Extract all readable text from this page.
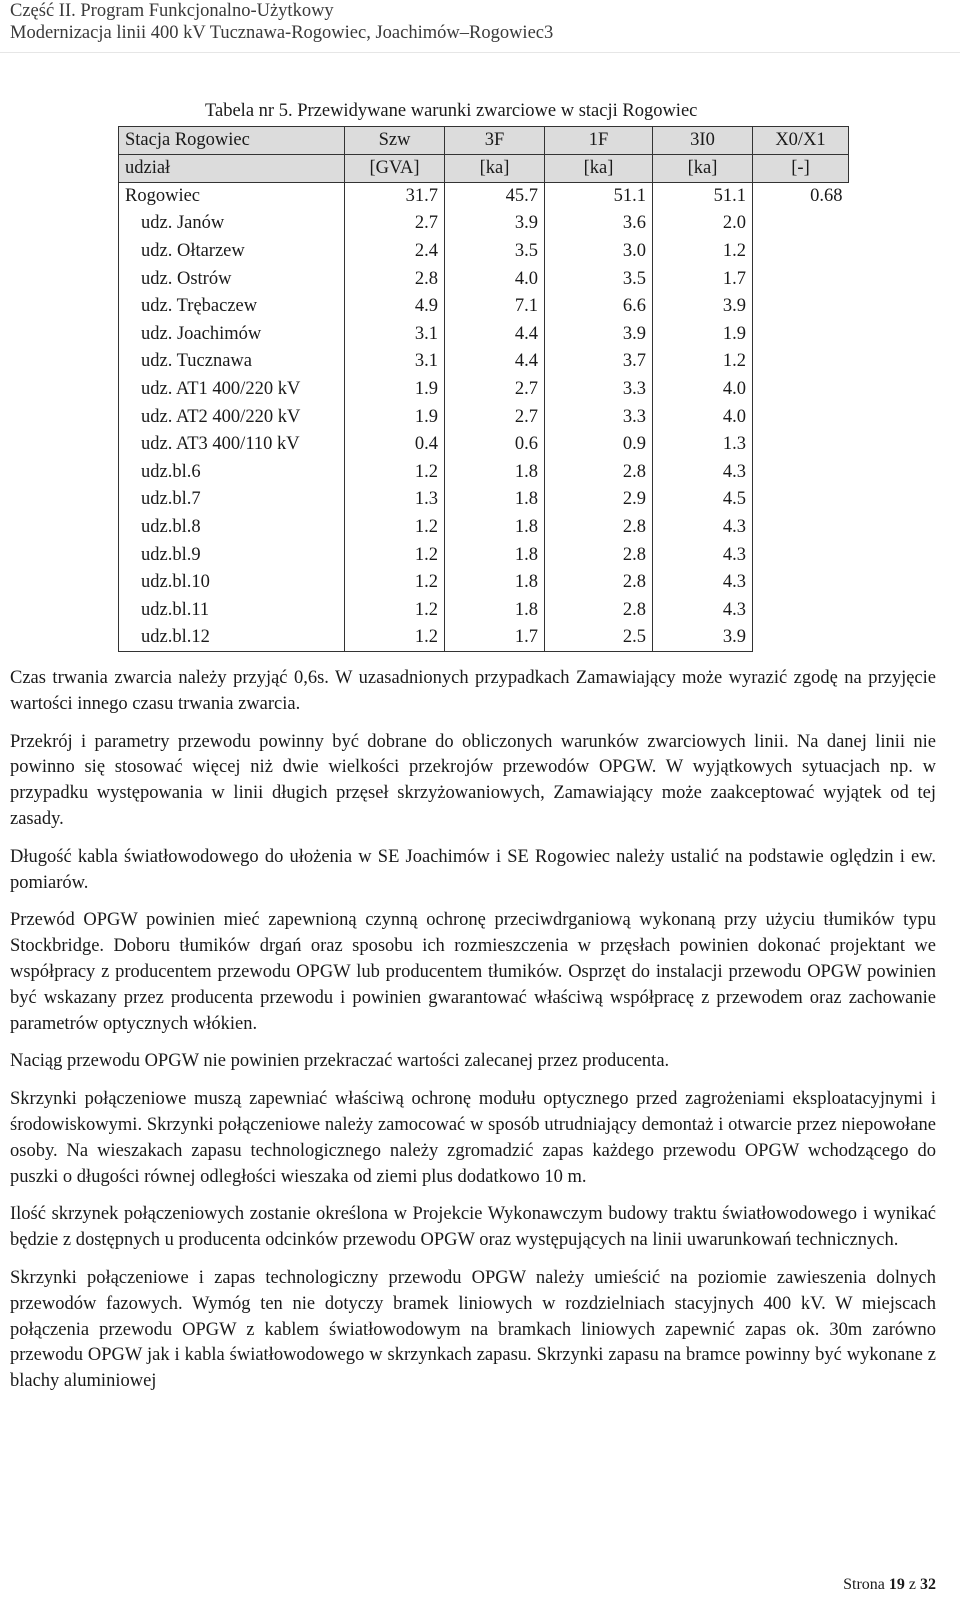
Część II. Program Funkcjonalno-Użytkowy
Modernizacja linii 400 kV Tucznawa-Rogowiec, Joachimów–Rogowiec3
Tabela nr 5. Przewidywane warunki zwarciowe w stacji Rogowiec
Stacja Rogowiec	Szw	3F	1F	3I0	X0/X1
udział	[GVA]	[ka]	[ka]	[ka]	[-]
Rogowiec	31.7	45.7	51.1	51.1	0.68
udz. Janów	2.7	3.9	3.6	2.0	
udz. Ołtarzew	2.4	3.5	3.0	1.2	
udz. Ostrów	2.8	4.0	3.5	1.7	
udz. Trębaczew	4.9	7.1	6.6	3.9	
udz. Joachimów	3.1	4.4	3.9	1.9	
udz. Tucznawa	3.1	4.4	3.7	1.2	
udz. AT1 400/220 kV	1.9	2.7	3.3	4.0	
udz. AT2 400/220 kV	1.9	2.7	3.3	4.0	
udz. AT3 400/110 kV	0.4	0.6	0.9	1.3	
udz.bl.6	1.2	1.8	2.8	4.3	
udz.bl.7	1.3	1.8	2.9	4.5	
udz.bl.8	1.2	1.8	2.8	4.3	
udz.bl.9	1.2	1.8	2.8	4.3	
udz.bl.10	1.2	1.8	2.8	4.3	
udz.bl.11	1.2	1.8	2.8	4.3	
udz.bl.12	1.2	1.7	2.5	3.9	

Czas trwania zwarcia należy przyjąć 0,6s. W uzasadnionych przypadkach Zamawiający może wyrazić zgodę na przyjęcie wartości innego czasu trwania zwarcia.

Przekrój i parametry przewodu powinny być dobrane do obliczonych warunków zwarciowych linii. Na danej linii nie powinno się stosować więcej niż dwie wielkości przekrojów przewodów OPGW. W wyjątkowych sytuacjach np. w przypadku występowania w linii długich przęseł skrzyżowaniowych, Zamawiający może zaakceptować wyjątek od tej zasady.

Długość kabla światłowodowego do ułożenia w SE Joachimów i SE Rogowiec należy ustalić na podstawie oględzin i ew. pomiarów.

Przewód OPGW powinien mieć zapewnioną czynną ochronę przeciwdrganiową wykonaną przy użyciu tłumików typu Stockbridge. Doboru tłumików drgań oraz sposobu ich rozmieszczenia w przęsłach powinien dokonać projektant we współpracy z producentem przewodu OPGW lub producentem tłumików. Osprzęt do instalacji przewodu OPGW powinien być wskazany przez producenta przewodu i powinien gwarantować właściwą współpracę z przewodem oraz zachowanie parametrów optycznych włókien.

Naciąg przewodu OPGW nie powinien przekraczać wartości zalecanej przez producenta.

Skrzynki połączeniowe muszą zapewniać właściwą ochronę modułu optycznego przed zagrożeniami eksploatacyjnymi i środowiskowymi. Skrzynki połączeniowe należy zamocować w sposób utrudniający demontaż i otwarcie przez niepowołane osoby. Na wieszakach zapasu technologicznego należy zgromadzić zapas każdego przewodu OPGW wchodzącego do puszki o długości równej odległości wieszaka od ziemi plus dodatkowo 10 m.

Ilość skrzynek połączeniowych zostanie określona w Projekcie Wykonawczym budowy traktu światłowodowego i wynikać będzie z dostępnych u producenta odcinków przewodu OPGW oraz występujących na linii uwarunkowań technicznych.

Skrzynki połączeniowe i zapas technologiczny przewodu OPGW należy umieścić na poziomie zawieszenia dolnych przewodów fazowych. Wymóg ten nie dotyczy bramek liniowych w rozdzielniach stacyjnych 400 kV. W miejscach połączenia przewodu OPGW z kablem światłowodowym na bramkach liniowych zapewnić zapas ok. 30m zarówno przewodu OPGW jak i kabla światłowodowego w skrzynkach zapasu. Skrzynki zapasu na bramce powinny być wykonane z blachy aluminiowej

Strona 19 z 32
